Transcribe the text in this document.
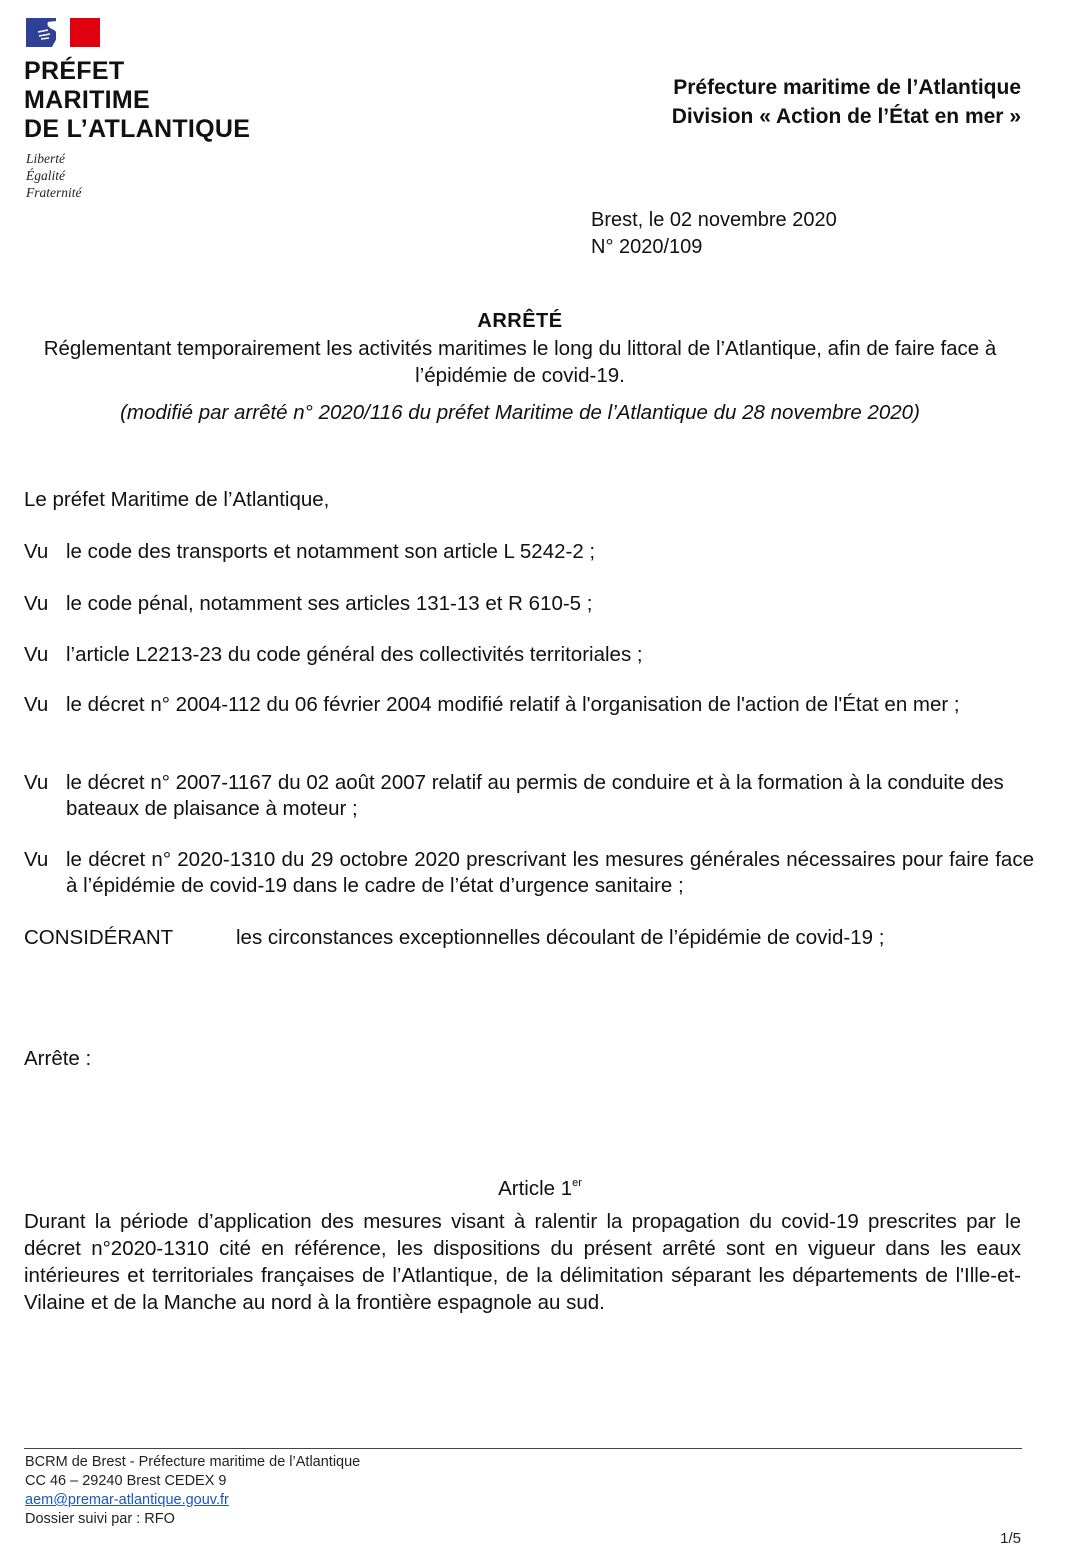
PRÉFET
MARITIME
DE L’ATLANTIQUE
Liberté
Égalité
Fraternité
Préfecture maritime de l’Atlantique
Division « Action de l’État en mer »
Brest, le 02 novembre 2020
N° 2020/109
ARRÊTÉ
Réglementant temporairement les activités maritimes le long du littoral de l’Atlantique, afin de faire face à l’épidémie de covid-19.
(modifié par arrêté n° 2020/116 du préfet Maritime de l’Atlantique du 28 novembre 2020)
Le préfet Maritime de l’Atlantique,
Vu le code des transports et notamment son article L 5242-2 ;
Vu le code pénal, notamment ses articles 131-13 et R 610-5 ;
Vu l’article L2213-23 du code général des collectivités territoriales ;
Vu le décret n° 2004-112 du 06 février 2004 modifié relatif à l'organisation de l'action de l'État en mer ;
Vu le décret n° 2007-1167 du 02 août 2007 relatif au permis de conduire et à la formation à la conduite des bateaux de plaisance à moteur ;
Vu le décret n° 2020-1310 du 29 octobre 2020 prescrivant les mesures générales nécessaires pour faire face à l’épidémie de covid-19 dans le cadre de l’état d’urgence sanitaire ;
CONSIDÉRANT	les circonstances exceptionnelles découlant de l’épidémie de covid-19 ;
Arrête :
Article 1er
Durant la période d’application des mesures visant à ralentir la propagation du covid-19 prescrites par le décret n°2020-1310 cité en référence, les dispositions du présent arrêté sont en vigueur dans les eaux intérieures et territoriales françaises de l’Atlantique, de la délimitation séparant les départements de l'Ille-et-Vilaine et de la Manche au nord à la frontière espagnole au sud.
BCRM de Brest - Préfecture maritime de l’Atlantique
CC 46 – 29240 Brest CEDEX 9
aem@premar-atlantique.gouv.fr
Dossier suivi par : RFO
1/5
